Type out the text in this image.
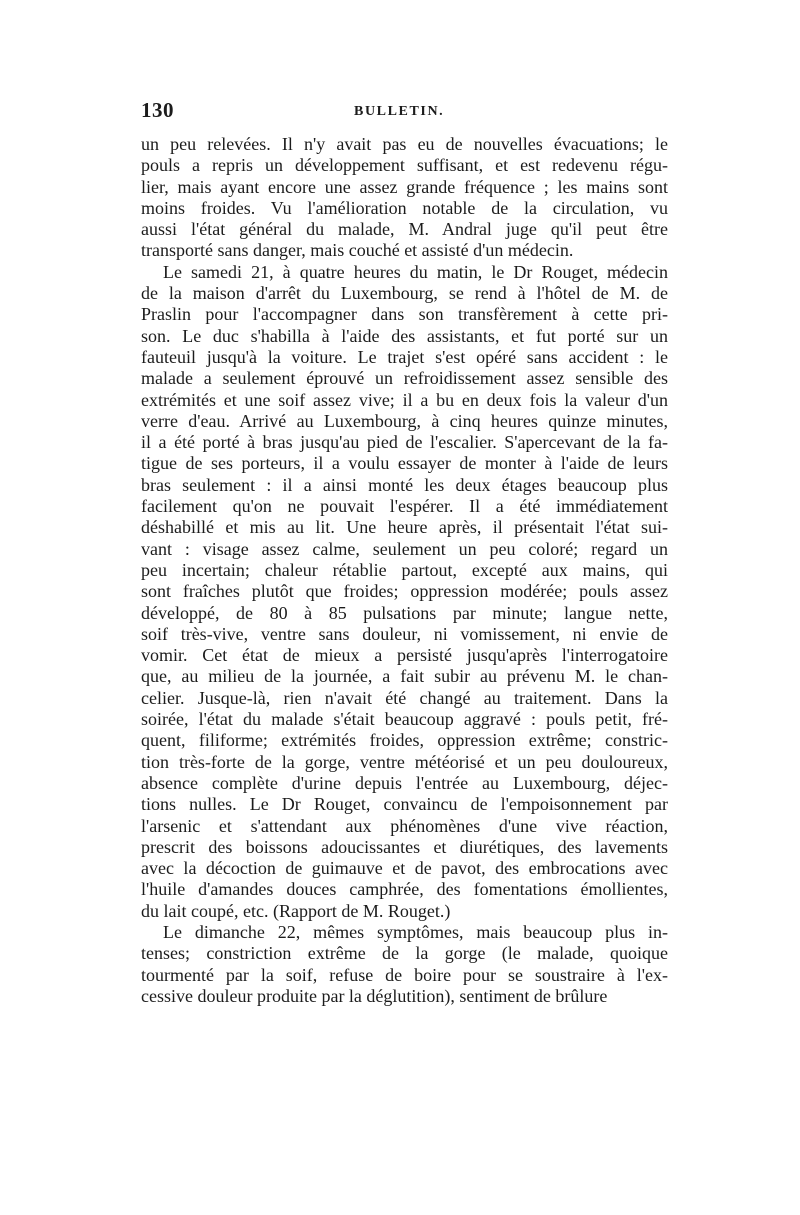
130	BULLETIN.
un peu relevées. Il n'y avait pas eu de nouvelles évacuations; le
pouls a repris un développement suffisant, et est redevenu régu-
lier, mais ayant encore une assez grande fréquence ; les mains sont
moins froides. Vu l'amélioration notable de la circulation, vu
aussi l'état général du malade, M. Andral juge qu'il peut être
transporté sans danger, mais couché et assisté d'un médecin.
Le samedi 21, à quatre heures du matin, le Dr Rouget, médecin
de la maison d'arrêt du Luxembourg, se rend à l'hôtel de M. de
Praslin pour l'accompagner dans son transfèrement à cette pri-
son. Le duc s'habilla à l'aide des assistants, et fut porté sur un
fauteuil jusqu'à la voiture. Le trajet s'est opéré sans accident : le
malade a seulement éprouvé un refroidissement assez sensible des
extrémités et une soif assez vive; il a bu en deux fois la valeur d'un
verre d'eau. Arrivé au Luxembourg, à cinq heures quinze minutes,
il a été porté à bras jusqu'au pied de l'escalier. S'apercevant de la fa-
tigue de ses porteurs, il a voulu essayer de monter à l'aide de leurs
bras seulement : il a ainsi monté les deux étages beaucoup plus
facilement qu'on ne pouvait l'espérer. Il a été immédiatement
déshabillé et mis au lit. Une heure après, il présentait l'état sui-
vant : visage assez calme, seulement un peu coloré; regard un
peu incertain; chaleur rétablie partout, excepté aux mains, qui
sont fraîches plutôt que froides; oppression modérée; pouls assez
développé, de 80 à 85 pulsations par minute; langue nette,
soif très-vive, ventre sans douleur, ni vomissement, ni envie de
vomir. Cet état de mieux a persisté jusqu'après l'interrogatoire
que, au milieu de la journée, a fait subir au prévenu M. le chan-
celier. Jusque-là, rien n'avait été changé au traitement. Dans la
soirée, l'état du malade s'était beaucoup aggravé : pouls petit, fré-
quent, filiforme; extrémités froides, oppression extrême; constric-
tion très-forte de la gorge, ventre météorisé et un peu douloureux,
absence complète d'urine depuis l'entrée au Luxembourg, déjec-
tions nulles. Le Dr Rouget, convaincu de l'empoisonnement par
l'arsenic et s'attendant aux phénomènes d'une vive réaction,
prescrit des boissons adoucissantes et diurétiques, des lavements
avec la décoction de guimauve et de pavot, des embrocations avec
l'huile d'amandes douces camphrée, des fomentations émollientes,
du lait coupé, etc. (Rapport de M. Rouget.)
Le dimanche 22, mêmes symptômes, mais beaucoup plus in-
tenses; constriction extrême de la gorge (le malade, quoique
tourmenté par la soif, refuse de boire pour se soustraire à l'ex-
cessive douleur produite par la déglutition), sentiment de brûlure
